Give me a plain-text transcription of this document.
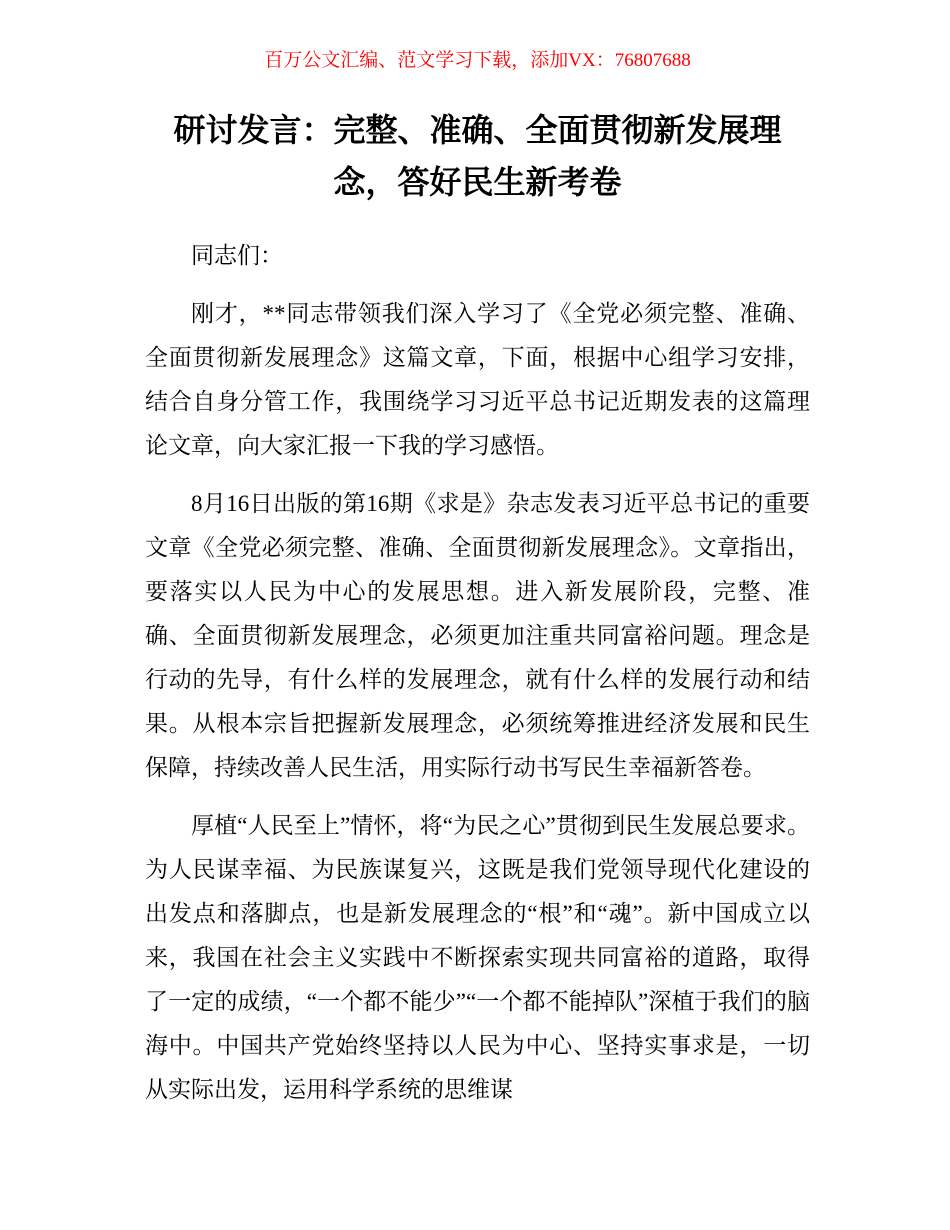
百万公文汇编、范文学习下载，添加VX：76807688
研讨发言：完整、准确、全面贯彻新发展理念，答好民生新考卷

同志们：

刚才，**同志带领我们深入学习了《全党必须完整、准确、全面贯彻新发展理念》这篇文章，下面，根据中心组学习安排，结合自身分管工作，我围绕学习习近平总书记近期发表的这篇理论文章，向大家汇报一下我的学习感悟。

8月16日出版的第16期《求是》杂志发表习近平总书记的重要文章《全党必须完整、准确、全面贯彻新发展理念》。文章指出，要落实以人民为中心的发展思想。进入新发展阶段，完整、准确、全面贯彻新发展理念，必须更加注重共同富裕问题。理念是行动的先导，有什么样的发展理念，就有什么样的发展行动和结果。从根本宗旨把握新发展理念，必须统筹推进经济发展和民生保障，持续改善人民生活，用实际行动书写民生幸福新答卷。

厚植“人民至上”情怀，将“为民之心”贯彻到民生发展总要求。为人民谋幸福、为民族谋复兴，这既是我们党领导现代化建设的出发点和落脚点，也是新发展理念的“根”和“魂”。新中国成立以来，我国在社会主义实践中不断探索实现共同富裕的道路，取得了一定的成绩，“一个都不能少”“一个都不能掉队”深植于我们的脑海中。中国共产党始终坚持以人民为中心、坚持实事求是，一切从实际出发，运用科学系统的思维谋
